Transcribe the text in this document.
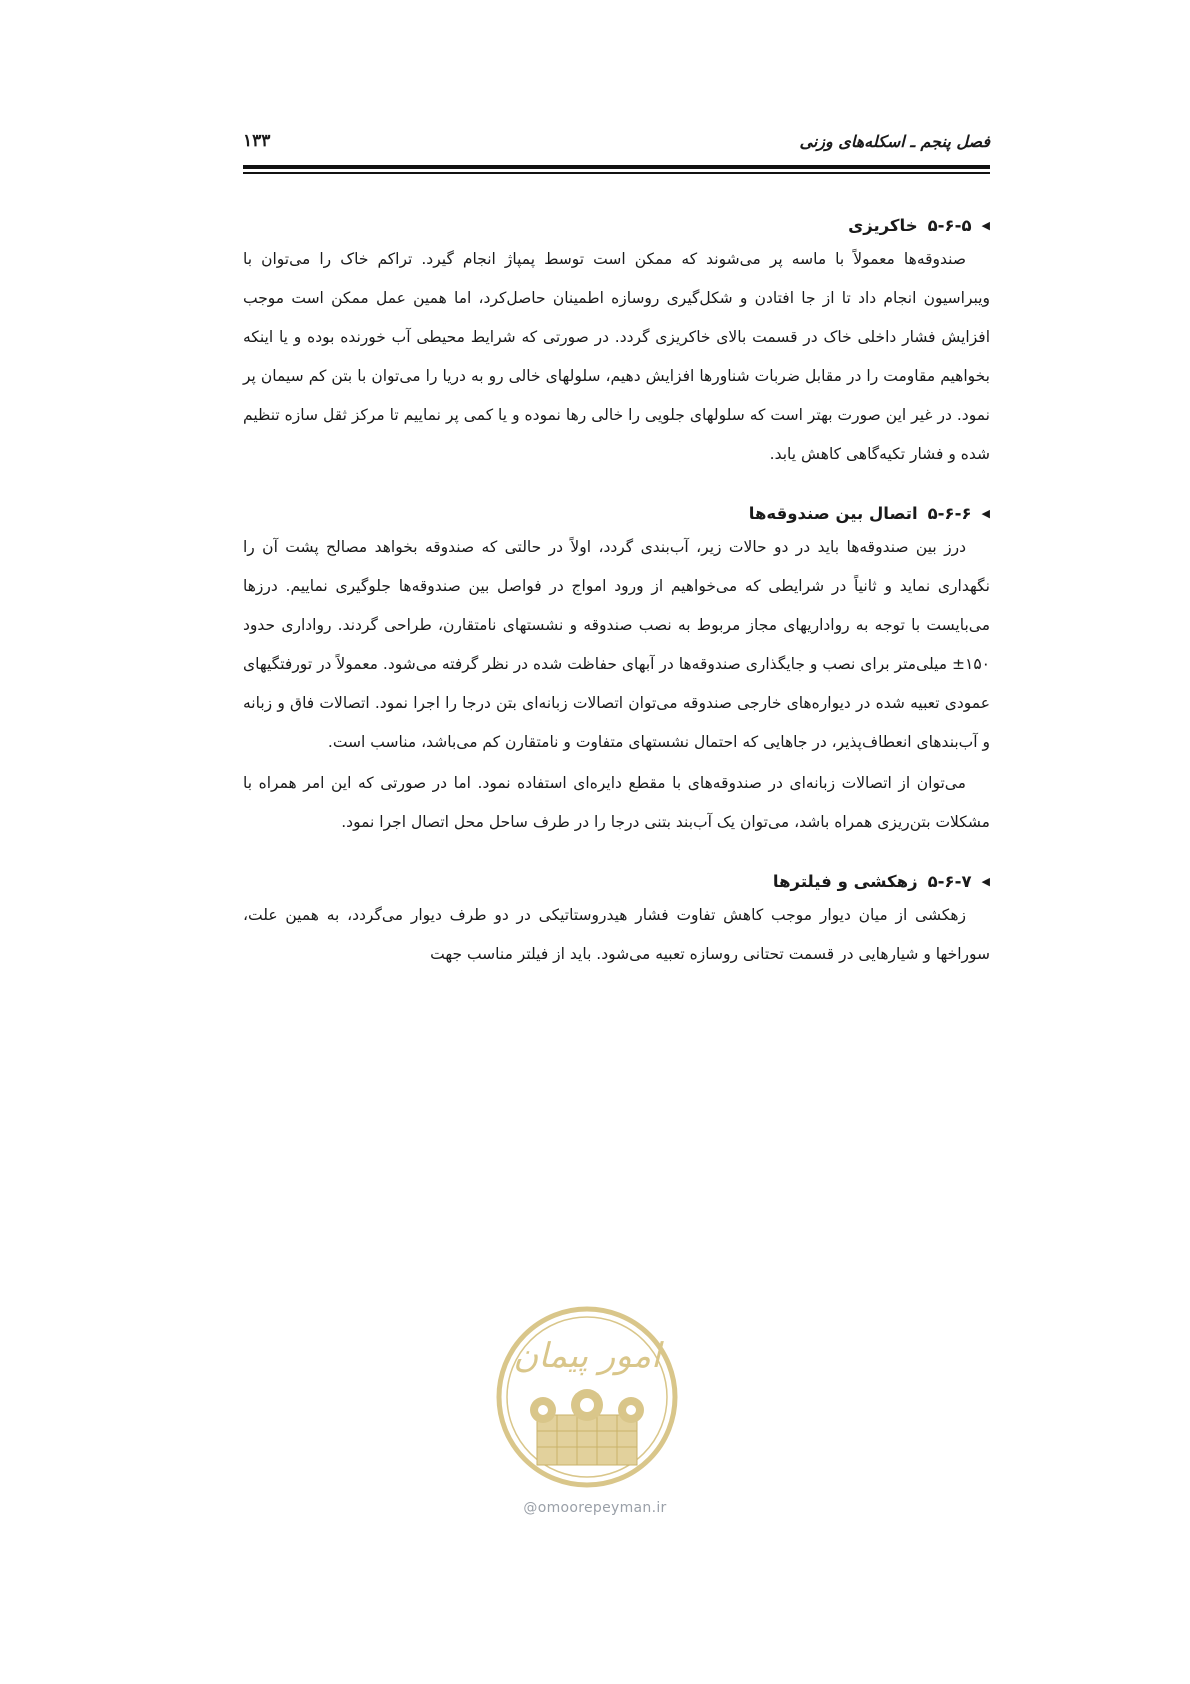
فصل پنجم ـ اسکله‌های وزنی
۱۳۳
◀
۵-۶-۵
خاکریزی

صندوقه‌ها معمولاً با ماسه پر می‌شوند که ممکن است توسط پمپاژ انجام گیرد. تراکم خاک را می‌توان با ویبراسیون انجام داد تا از جا افتادن و شکل‌گیری روسازه اطمینان حاصل‌کرد، اما همین عمل ممکن است موجب افزایش فشار داخلی خاک در قسمت بالای خاکریزی گردد. در صورتی که شرایط محیطی آب خورنده بوده و یا اینکه بخواهیم مقاومت را در مقابل ضربات شناورها افزایش دهیم، سلولهای خالی رو به دریا را می‌توان با بتن کم سیمان پر نمود. در غیر این صورت بهتر است که سلولهای جلویی را خالی رها نموده و یا کمی پر نماییم تا مرکز ثقل سازه تنظیم شده و فشار تکیه‌گاهی کاهش یابد.

◀
۵-۶-۶
اتصال بین صندوقه‌ها

درز بین صندوقه‌ها باید در دو حالات زیر، آب‌بندی گردد، اولاً در حالتی که صندوقه بخواهد مصالح پشت آن را نگهداری نماید و ثانیاً در شرایطی که می‌خواهیم از ورود امواج در فواصل بین صندوقه‌ها جلوگیری نماییم. درزها می‌بایست با توجه به رواداریهای مجاز مربوط به نصب صندوقه و نشستهای نامتقارن، طراحی گردند. رواداری حدود ۱۵۰± میلی‌متر برای نصب و جایگذاری صندوقه‌ها در آبهای حفاظت شده در نظر گرفته می‌شود. معمولاً در تورفتگیهای عمودی تعبیه شده در دیواره‌های خارجی صندوقه می‌توان اتصالات زبانه‌ای بتن درجا را اجرا نمود. اتصالات فاق و زبانه و آب‌بندهای انعطاف‌پذیر، در جاهایی که احتمال نشستهای متفاوت و نامتقارن کم می‌باشد، مناسب است.

می‌توان از اتصالات زبانه‌ای در صندوقه‌های با مقطع دایره‌ای استفاده نمود. اما در صورتی که این امر همراه با مشکلات بتن‌ریزی همراه باشد، می‌توان یک آب‌بند بتنی درجا را در طرف ساحل محل اتصال اجرا نمود.

◀
۵-۶-۷
زهکشی و فیلترها

زهکشی از میان دیوار موجب کاهش تفاوت فشار هیدروستاتیکی در دو طرف دیوار می‌گردد، به همین علت، سوراخها و شیارهایی در قسمت تحتانی روسازه تعبیه می‌شود. باید از فیلتر مناسب جهت

امور پیمان
@omoorepeyman.ir
